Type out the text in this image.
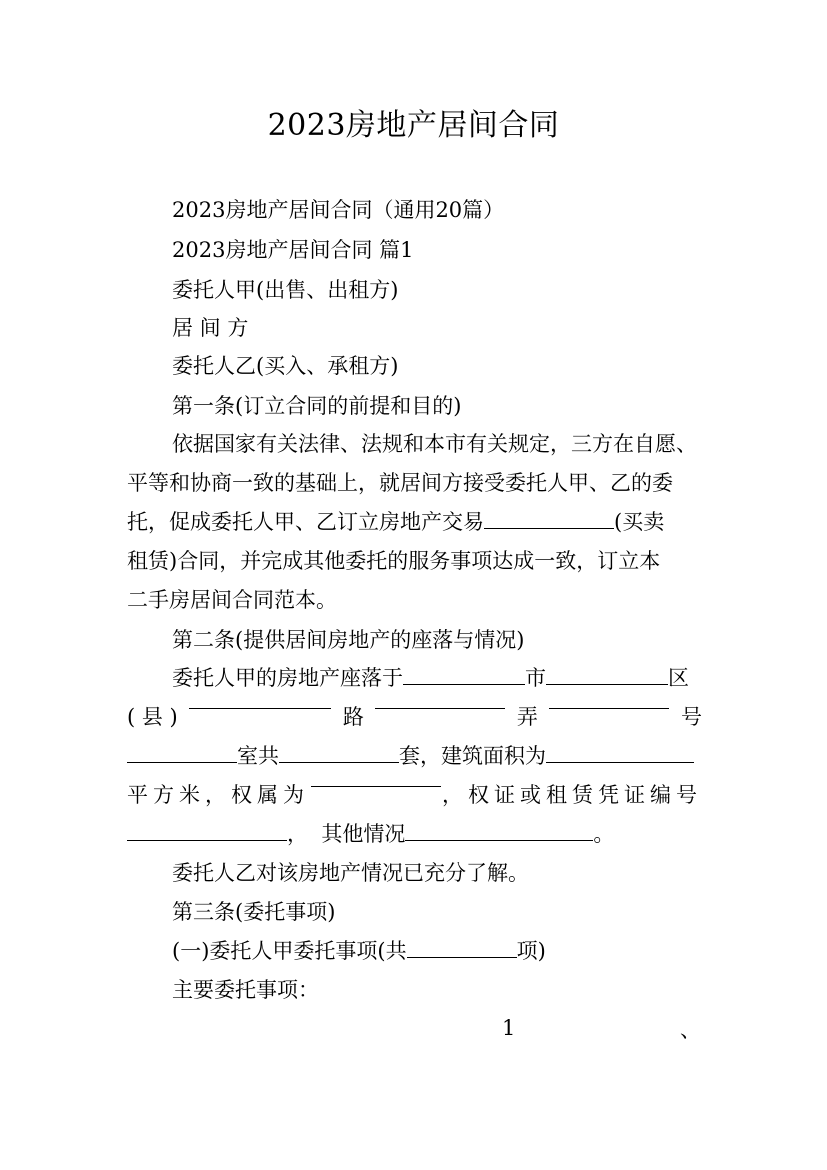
2023房地产居间合同
2023房地产居间合同（通用20篇）
2023房地产居间合同 篇1
委托人甲(出售、出租方)
居 间 方
委托人乙(买入、承租方)
第一条(订立合同的前提和目的)
依据国家有关法律、法规和本市有关规定，三方在自愿、
平等和协商一致的基础上，就居间方接受委托人甲、乙的委
托，促成委托人甲、乙订立房地产交易	(买卖
租赁)合同，并完成其他委托的服务事项达成一致，订立本
二手房居间合同范本。
第二条(提供居间房地产的座落与情况)
委托人甲的房地产座落于	市	区
( 县 )	路	弄	号
室共	套，建筑面积为
平方米，权属为	，权证或租赁凭证编号
， 其他情况	。
委托人乙对该房地产情况已充分了解。
第三条(委托事项)
(一)委托人甲委托事项(共	项)
主要委托事项：
1	、
